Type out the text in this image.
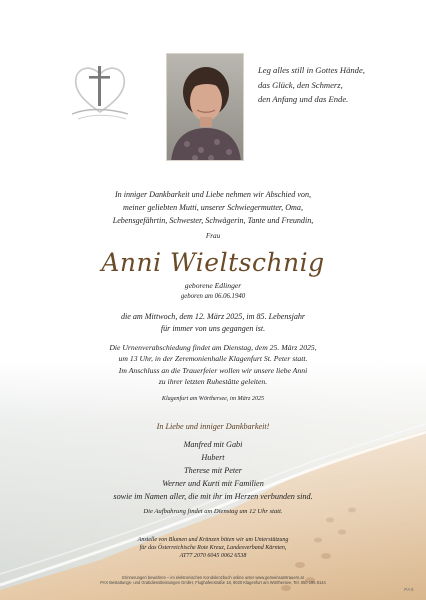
Leg alles still in Gottes Hände,
das Glück, den Schmerz,
den Anfang und das Ende.
In inniger Dankbarkeit und Liebe nehmen wir Abschied von,
meiner geliebten Mutti, unserer Schwiegermutter, Oma,
Lebensgefährtin, Schwester, Schwägerin, Tante und Freundin,
Frau
Anni Wieltschnig
geborene Edlinger
geboren am 06.06.1940
die am Mittwoch, dem 12. März 2025, im 85. Lebensjahr
für immer von uns gegangen ist.
Die Urnenverabschiedung findet am Dienstag, dem 25. März 2025,
um 13 Uhr, in der Zeremonienhalle Klagenfurt St. Peter statt.
Im Anschluss an die Trauerfeier wollen wir unsere liebe Anni
zu ihrer letzten Ruhestätte geleiten.
Klagenfurt am Wörthersee, im März 2025
In Liebe und inniger Dankbarkeit!
Manfred mit Gabi
Hubert
Therese mit Peter
Werner und Kurti mit Familien
sowie im Namen aller, die mit ihr im Herzen verbunden sind.
Die Aufbahrung findet am Dienstag um 12 Uhr statt.
Anstelle von Blumen und Kränzen bitten wir um Unterstützung
für das Österreichische Rote Kreuz, Landesverband Kärnten,
AT77 2070 6045 0062 6538
Erinnerungen bewahren – im elektronischen Kondolenzbuch online unter www.gemeinsamtrauern.at
PAX Bestattungs- und Grabdienstleistungen GmbH, Flughafenstraße 18, 9020 Klagenfurt am Wörthersee, Tel. 050 195 8144
PAX
